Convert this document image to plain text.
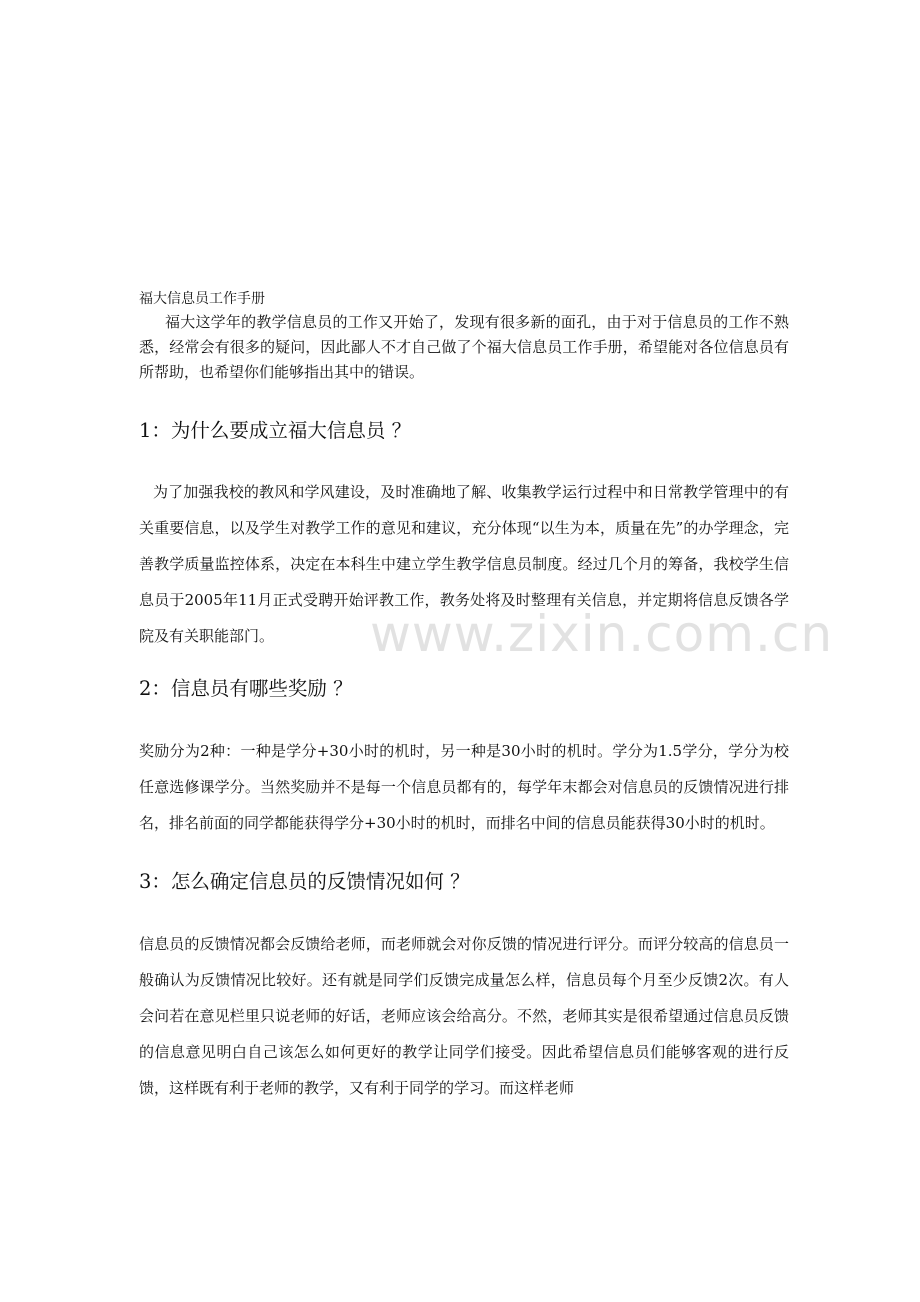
福大信息员工作手册

福大这学年的教学信息员的工作又开始了，发现有很多新的面孔，由于对于信息员的工作不熟悉，经常会有很多的疑问，因此鄙人不才自己做了个福大信息员工作手册，希望能对各位信息员有所帮助，也希望你们能够指出其中的错误。

1：为什么要成立福大信息员 ？

为了加强我校的教风和学风建设，及时准确地了解、收集教学运行过程中和日常教学管理中的有关重要信息，以及学生对教学工作的意见和建议，充分体现“以生为本，质量在先”的办学理念，完善教学质量监控体系，决定在本科生中建立学生教学信息员制度。经过几个月的筹备，我校学生信息员于2005年11月正式受聘开始评教工作，教务处将及时整理有关信息，并定期将信息反馈各学院及有关职能部门。

2：信息员有哪些奖励 ？

奖励分为2种：一种是学分+30小时的机时，另一种是30小时的机时。学分为1.5学分，学分为校任意选修课学分。当然奖励并不是每一个信息员都有的，每学年末都会对信息员的反馈情况进行排名，排名前面的同学都能获得学分+30小时的机时，而排名中间的信息员能获得30小时的机时。

3：怎么确定信息员的反馈情况如何 ？

信息员的反馈情况都会反馈给老师，而老师就会对你反馈的情况进行评分。而评分较高的信息员一般确认为反馈情况比较好。还有就是同学们反馈完成量怎么样，信息员每个月至少反馈2次。有人会问若在意见栏里只说老师的好话，老师应该会给高分。不然，老师其实是很希望通过信息员反馈的信息意见明白自己该怎么如何更好的教学让同学们接受。因此希望信息员们能够客观的进行反馈，这样既有利于老师的教学，又有利于同学的学习。而这样老师

www.zixin.com.cn
